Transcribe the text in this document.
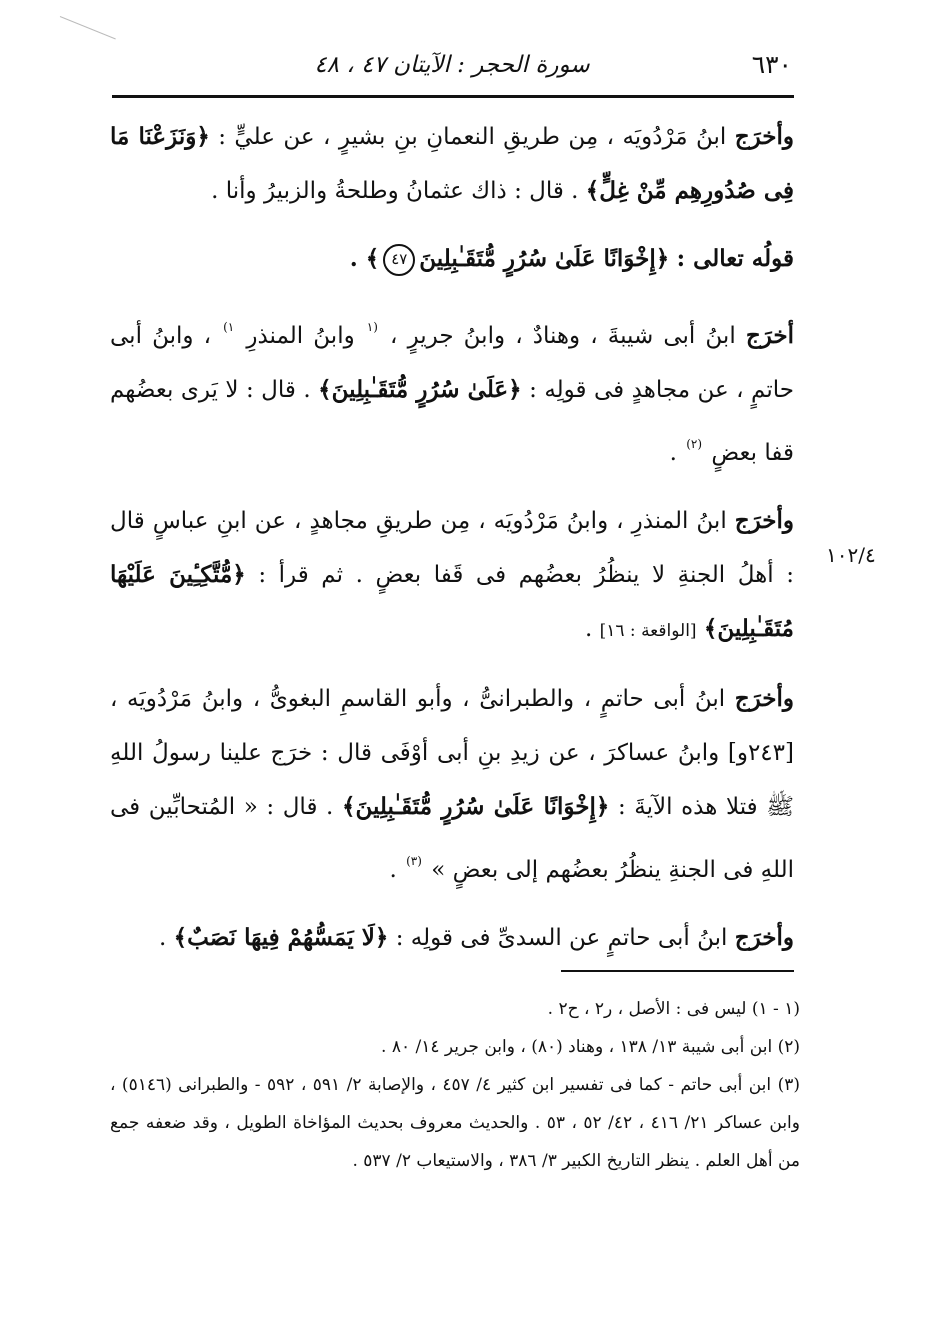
٦٣٠
سورة الحجر : الآيتان ٤٧ ، ٤٨

وأخرَج ابنُ مَرْدُويَه ، مِن طريقِ النعمانِ بنِ بشيرٍ ، عن عليٍّ : ﴿وَنَزَعْنَا مَا فِى صُدُورِهِم مِّنْ غِلٍّ﴾ . قال : ذاك عثمانُ وطلحةُ والزبيرُ وأنا .

قولُه تعالى : ﴿إِخْوَانًا عَلَىٰ سُرُرٍ مُّتَقَـٰبِلِينَ٤٧﴾ .

أخرَج ابنُ أبى شيبةَ ، وهنادٌ ، وابنُ جريرٍ ، $^{(١}$ وابنُ المنذرِ $^{١)}$ ، وابنُ أبى حاتمٍ ، عن مجاهدٍ فى قولِه : ﴿عَلَىٰ سُرُرٍ مُّتَقَـٰبِلِينَ﴾ . قال : لا يَرى بعضُهم قفا بعضٍ $^{(٢)}$ .

وأخرَج ابنُ المنذرِ ، وابنُ مَرْدُويَه ، مِن طريقِ مجاهدٍ ، عن ابنِ عباسٍ قال : أهلُ الجنةِ لا ينظُرُ بعضُهم فى قَفا بعضٍ . ثم قرأ : ﴿مُّتَّكِـِٔينَ عَلَيْهَا مُتَقَـٰبِلِينَ﴾ [الواقعة : ١٦] .

وأخرَج ابنُ أبى حاتمٍ ، والطبرانىُّ ، وأبو القاسمِ البغوىُّ ، وابنُ مَرْدُويَه ، [٢٤٣و] وابنُ عساكرَ ، عن زيدِ بنِ أبى أوْفَى قال : خرَج علينا رسولُ اللهِ ﷺ فتلا هذه الآيةَ : ﴿إِخْوَانًا عَلَىٰ سُرُرٍ مُّتَقَـٰبِلِينَ﴾ . قال : « المُتحابِّين فى اللهِ فى الجنةِ ينظُرُ بعضُهم إلى بعضٍ » $^{(٣)}$ .

وأخرَج ابنُ أبى حاتمٍ عن السدىِّ فى قولِه : ﴿لَا يَمَسُّهُمْ فِيهَا نَصَبٌ﴾ .

١٠٢/٤

(١ - ١) ليس فى : الأصل ، ر٢ ، ح٢ .

(٢) ابن أبى شيبة ١٣/ ١٣٨ ، وهناد (٨٠) ، وابن جرير ١٤/ ٨٠ .

(٣) ابن أبى حاتم - كما فى تفسير ابن كثير ٤/ ٤٥٧ ، والإصابة ٢/ ٥٩١ ، ٥٩٢ - والطبرانى (٥١٤٦) ، وابن عساكر ٢١/ ٤١٦ ، ٤٢/ ٥٢ ، ٥٣ . والحديث معروف بحديث المؤاخاة الطويل ، وقد ضعفه جمع من أهل العلم . ينظر التاريخ الكبير ٣/ ٣٨٦ ، والاستيعاب ٢/ ٥٣٧ .
